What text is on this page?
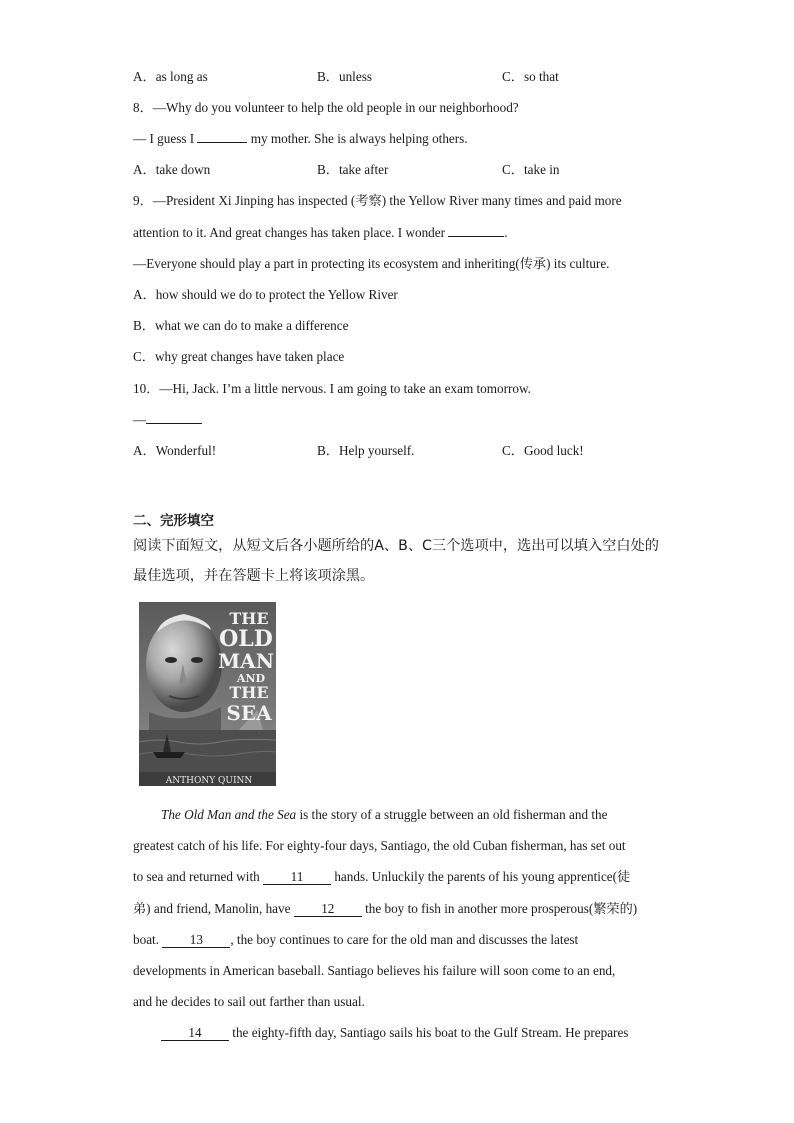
A．as long as	B．unless	C．so that
8．—Why do you volunteer to help the old people in our neighborhood?
— I guess I	my mother. She is always helping others.
A．take down	B．take after	C．take in
9．—President Xi Jinping has inspected (考察) the Yellow River many times and paid more
attention to it. And great changes has taken place. I wonder	.
—Everyone should play a part in protecting its ecosystem and inheriting(传承) its culture.
A．how should we do to protect the Yellow River
B．what we can do to make a difference
C．why great changes have taken place
10．—Hi, Jack. I’m a little nervous. I am going to take an exam tomorrow.
—
A．Wonderful!	B．Help yourself.	C．Good luck!
二、完形填空
阅读下面短文，从短文后各小题所给的A、B、C三个选项中，选出可以填入空白处的
最佳选项，并在答题卡上将该项涂黑。
THE
OLD
MAN
AND
THE
SEA
ANTHONY QUINN
The Old Man and the Sea is the story of a struggle between an old fisherman and the
greatest catch of his life. For eighty-four days, Santiago, the old Cuban fisherman, has set out
to sea and returned with 11 hands. Unluckily the parents of his young apprentice(徒
弟) and friend, Manolin, have 12 the boy to fish in another more prosperous(繁荣的)
boat. 13 , the boy continues to care for the old man and discusses the latest
developments in American baseball. Santiago believes his failure will soon come to an end,
and he decides to sail out farther than usual.
14 the eighty-fifth day, Santiago sails his boat to the Gulf Stream. He prepares
